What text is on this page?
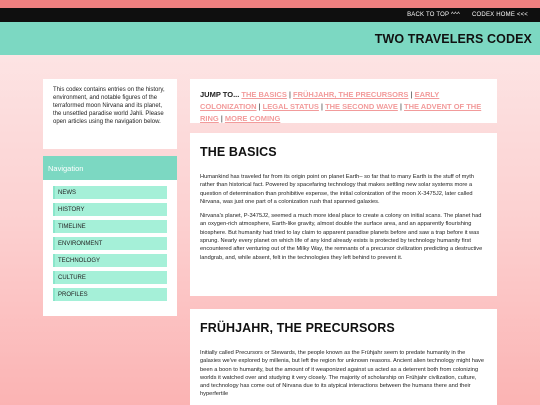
BACK TO TOP ^^^ CODEX HOME <<<
TWO TRAVELERS CODEX

This codex contains entries on the history, environment, and notable figures of the terraformed moon Nirvana and its planet, the unsettled paradise world Jahli. Please open articles using the navigation below.

Navigation
NEWS
HISTORY
TIMELINE
ENVIRONMENT
TECHNOLOGY
CULTURE
PROFILES
JUMP TO... THE BASICS | FRÜHJAHR, THE PRECURSORS | EARLY COLONIZATION | LEGAL STATUS | THE SECOND WAVE | THE ADVENT OF THE RING | MORE COMING
THE BASICS

Humankind has traveled far from its origin point on planet Earth– so far that to many Earth is the stuff of myth rather than historical fact. Powered by spacefaring technology that makes settling new solar systems more a question of determination than prohibitive expense, the initial colonization of the moon X-3475J2, later called Nirvana, was just one part of a colonization rush that spanned galaxies.

Nirvana's planet, P-3475J2, seemed a much more ideal place to create a colony on initial scans. The planet had an oxygen-rich atmosphere, Earth-like gravity, almost double the surface area, and an apparently flourishing biosphere. But humanity had tried to lay claim to apparent paradise planets before and saw a trap before it was sprung. Nearly every planet on which life of any kind already exists is protected by technology humanity first encountered after venturing out of the Milky Way, the remnants of a precursor civilization predicting a destructive landgrab, and, while absent, felt in the technologies they left behind to prevent it.

FRÜHJAHR, THE PRECURSORS

Initially called Precursors or Stewards, the people known as the Frühjahr seem to predate humanity in the galaxies we've explored by millenia, but left the region for unknown reasons. Ancient alien technology might have been a boon to humanity, but the amount of it weaponized against us acted as a deterrent both from colonizing worlds it watched over and studying it very closely. The majority of scholarship on Frühjahr civilization, culture, and technology has come out of Nirvana due to its atypical interactions between the humans there and their hyperfertile
